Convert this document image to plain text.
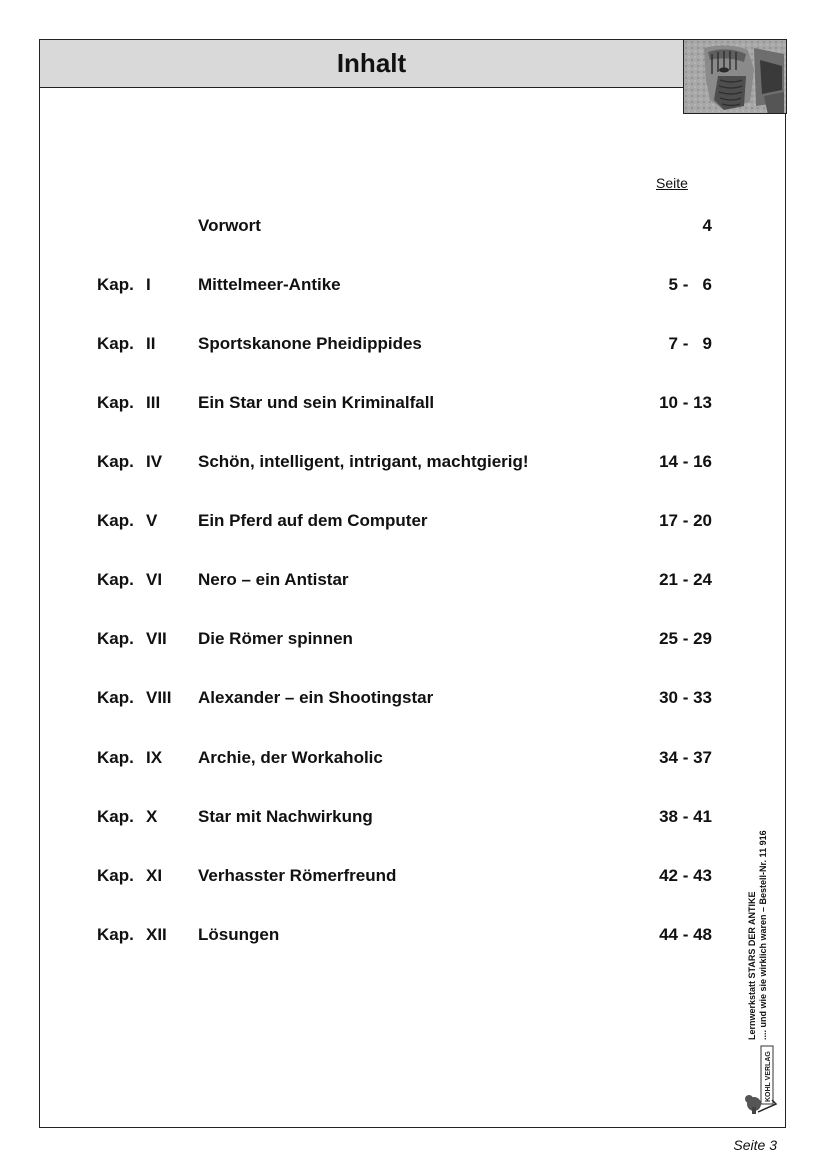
Inhalt
Seite
Vorwort	4
Kap. I	Mittelmeer-Antike	5 -   6
Kap. II	Sportskanone Pheidippides	7 -   9
Kap. III Ein Star und sein Kriminalfall	10 - 13
Kap. IV Schön, intelligent, intrigant, machtgierig!	14 - 16
Kap. V Ein Pferd auf dem Computer	17 - 20
Kap. VI Nero – ein Antistar	21 - 24
Kap. VII Die Römer spinnen	25 - 29
Kap. VIII Alexander – ein Shootingstar	30 - 33
Kap. IX Archie, der Workaholic	34 - 37
Kap. X Star mit Nachwirkung	38 - 41
Kap. XI Verhasster Römerfreund	42 - 43
Kap. XII Lösungen	44 - 48	Lernwerkstatt STARS DER ANTIKE .... und wie sie wirklich waren – Bestell-Nr. 11 916
KOHL VERLAG
Seite 3
